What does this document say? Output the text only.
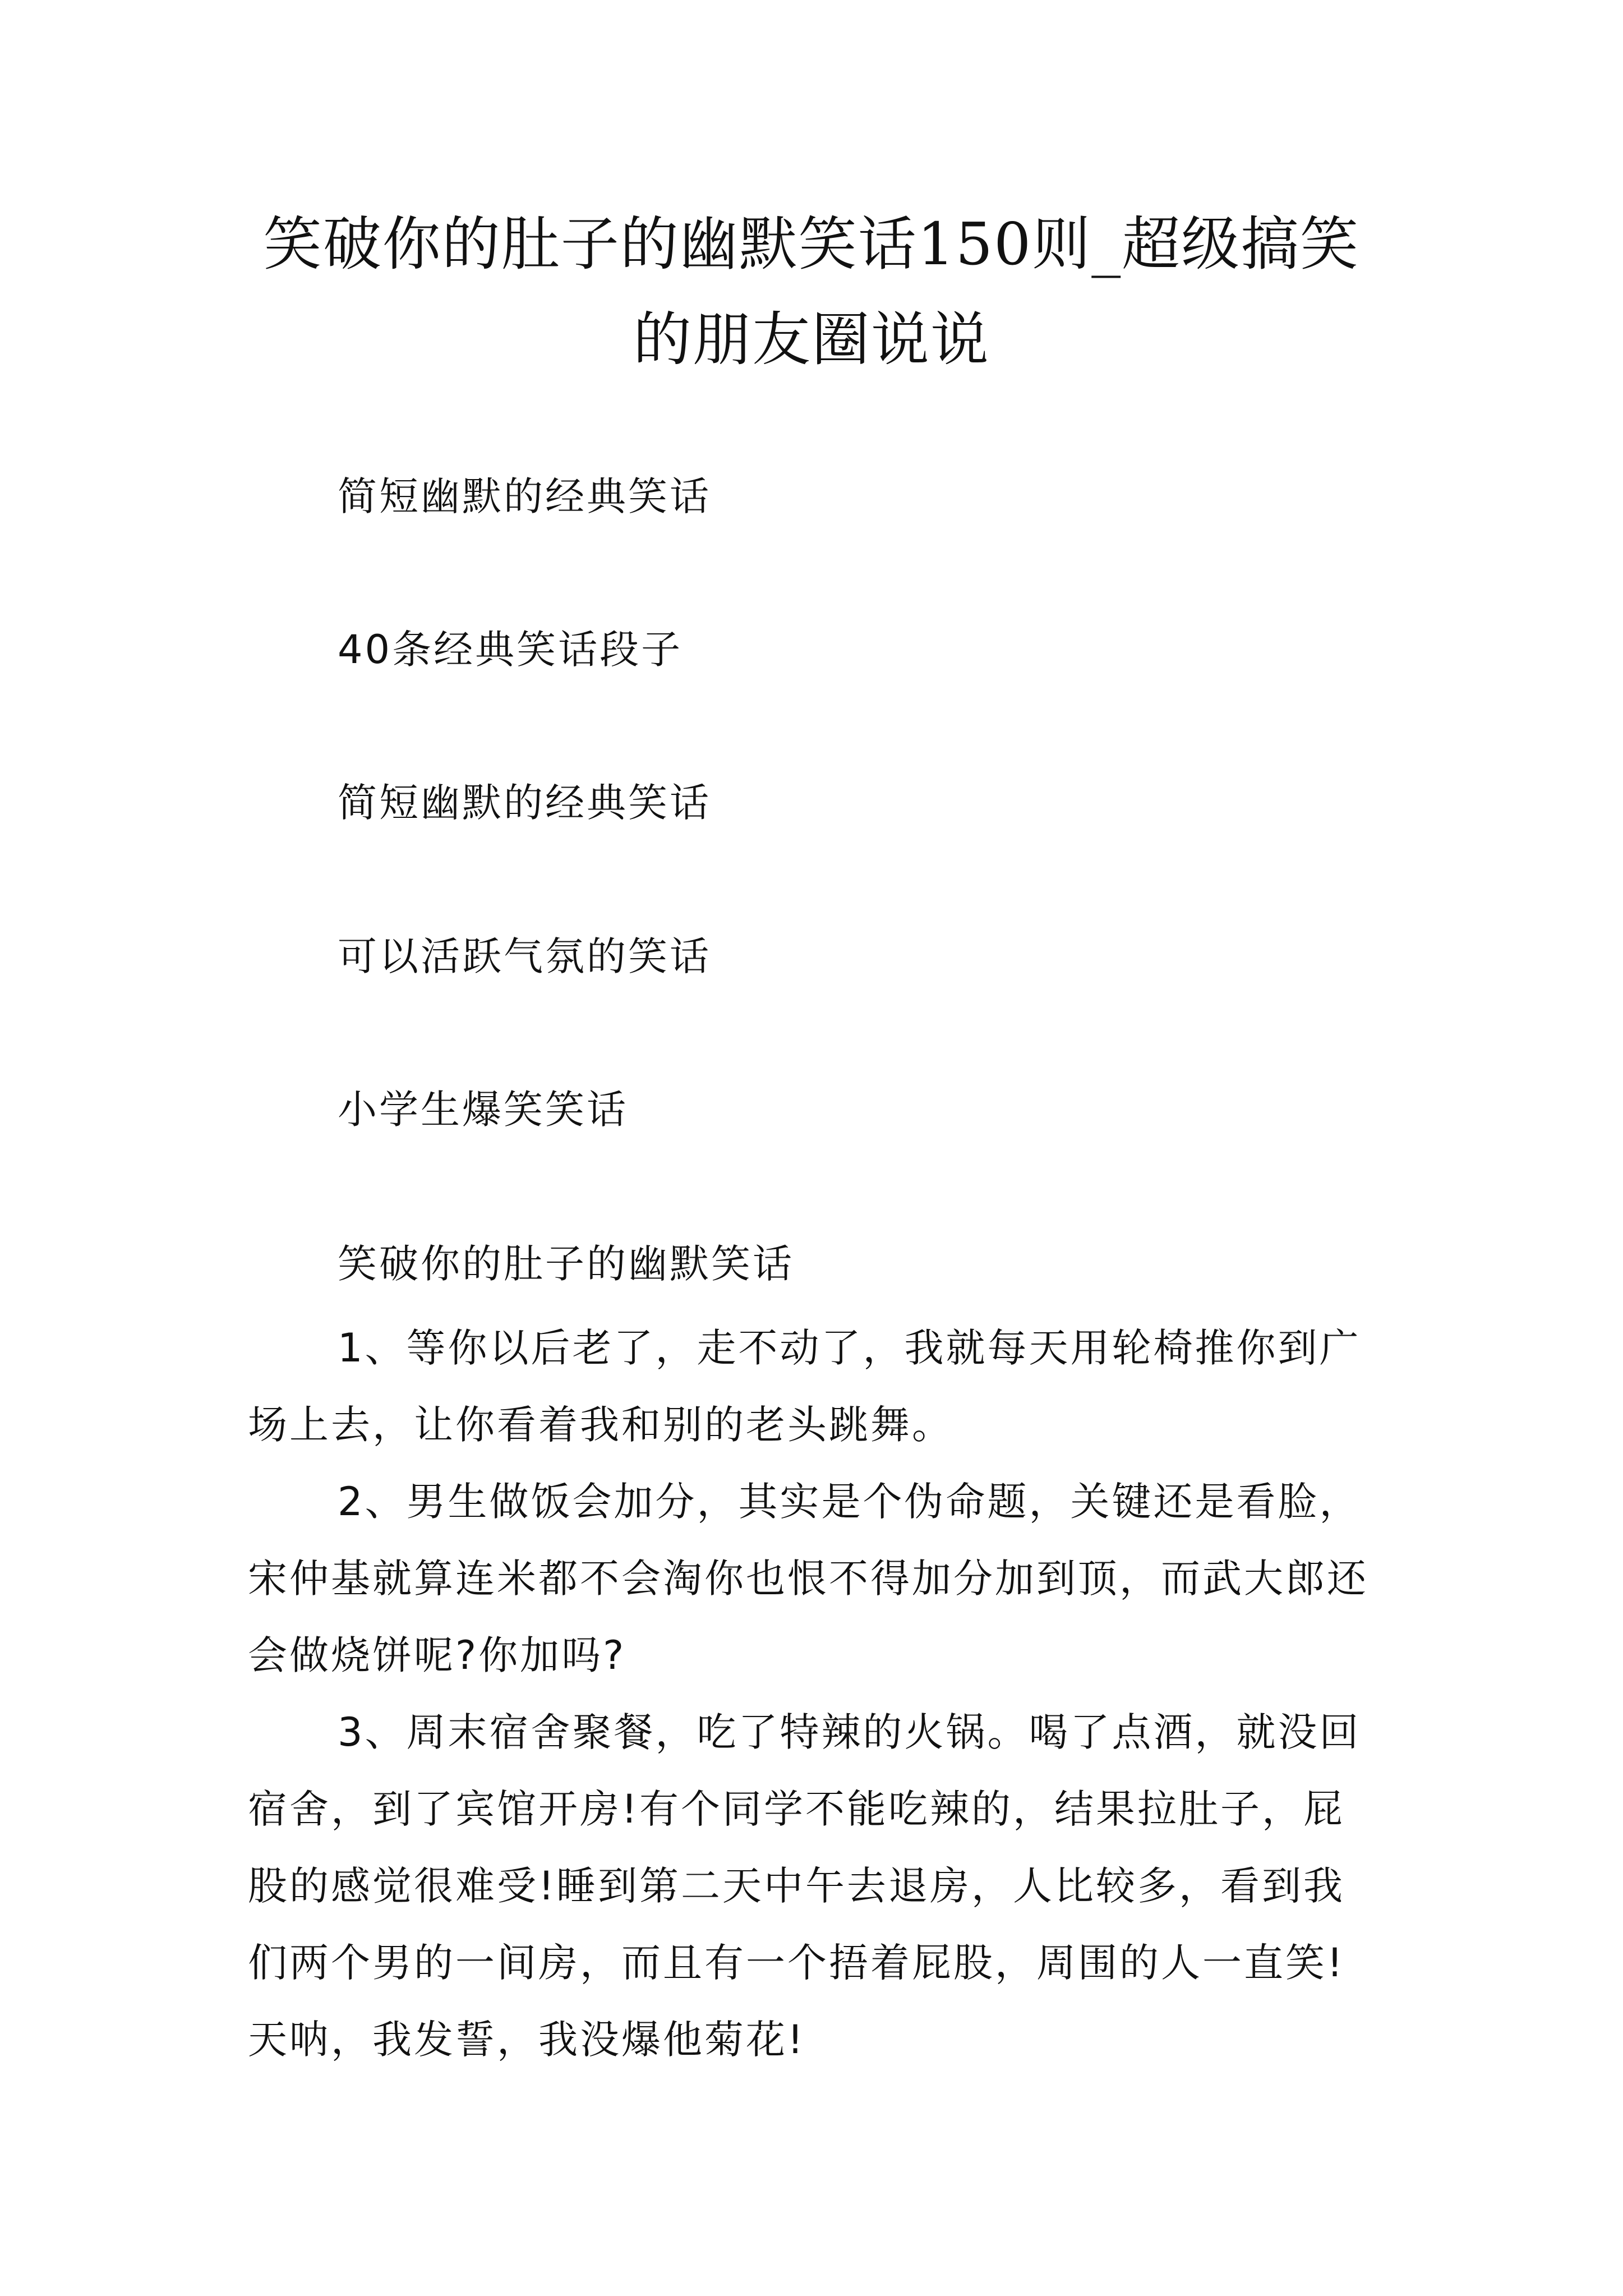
笑破你的肚子的幽默笑话150则_超级搞笑的朋友圈说说
简短幽默的经典笑话
40条经典笑话段子
简短幽默的经典笑话
可以活跃气氛的笑话
小学生爆笑笑话
笑破你的肚子的幽默笑话

1、等你以后老了，走不动了，我就每天用轮椅推你到广场上去，让你看着我和别的老头跳舞。

2、男生做饭会加分，其实是个伪命题，关键还是看脸，宋仲基就算连米都不会淘你也恨不得加分加到顶，而武大郎还会做烧饼呢?你加吗?

3、周末宿舍聚餐，吃了特辣的火锅。喝了点酒，就没回宿舍，到了宾馆开房!有个同学不能吃辣的，结果拉肚子，屁股的感觉很难受!睡到第二天中午去退房，人比较多，看到我们两个男的一间房，而且有一个捂着屁股，周围的人一直笑!天呐，我发誓，我没爆他菊花!
